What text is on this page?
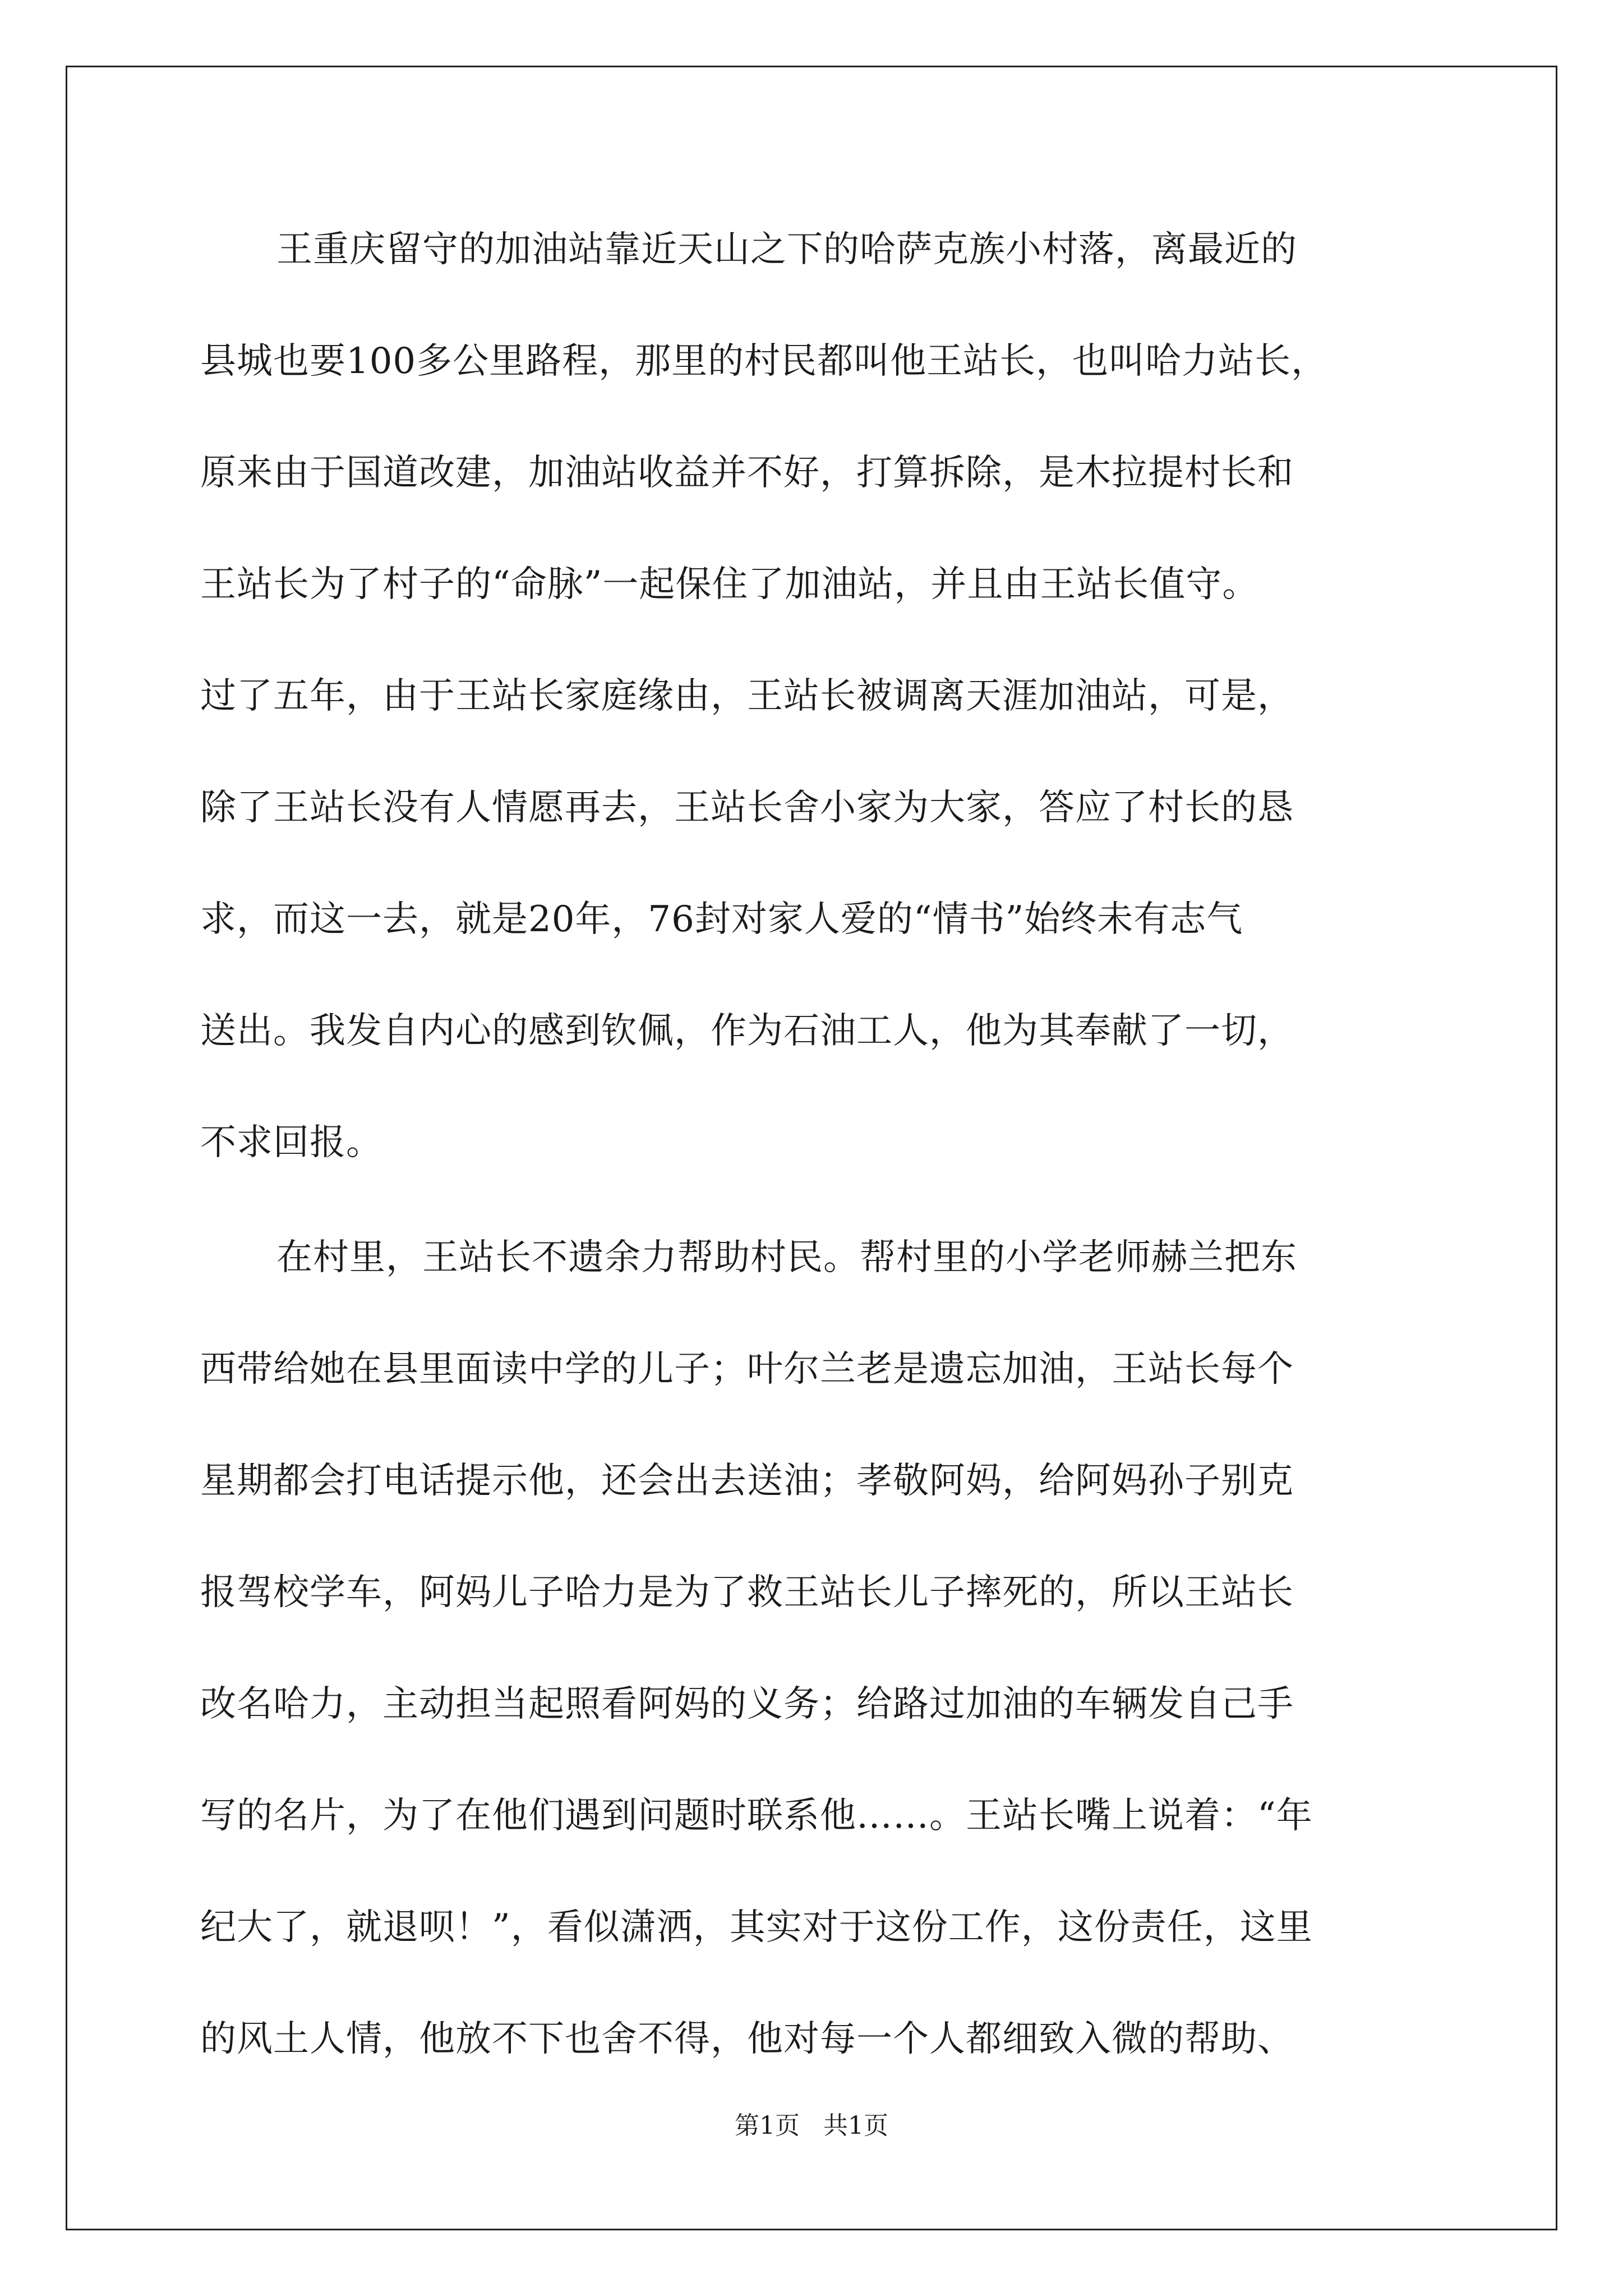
王重庆留守的加油站靠近天山之下的哈萨克族小村落，离最近的
县城也要100多公里路程，那里的村民都叫他王站长，也叫哈力站长，
原来由于国道改建，加油站收益并不好，打算拆除，是木拉提村长和
王站长为了村子的“命脉”一起保住了加油站，并且由王站长值守。
过了五年，由于王站长家庭缘由，王站长被调离天涯加油站，可是，
除了王站长没有人情愿再去，王站长舍小家为大家，答应了村长的恳
求，而这一去，就是20年，76封对家人爱的“情书”始终未有志气
送出。我发自内心的感到钦佩，作为石油工人，他为其奉献了一切，
不求回报。
在村里，王站长不遗余力帮助村民。帮村里的小学老师赫兰把东
西带给她在县里面读中学的儿子；叶尔兰老是遗忘加油，王站长每个
星期都会打电话提示他，还会出去送油；孝敬阿妈，给阿妈孙子别克
报驾校学车，阿妈儿子哈力是为了救王站长儿子摔死的，所以王站长
改名哈力，主动担当起照看阿妈的义务；给路过加油的车辆发自己手
写的名片，为了在他们遇到问题时联系他……。王站长嘴上说着：“年
纪大了，就退呗！”，看似潇洒，其实对于这份工作，这份责任，这里
的风土人情，他放不下也舍不得，他对每一个人都细致入微的帮助、
第1页   共1页
